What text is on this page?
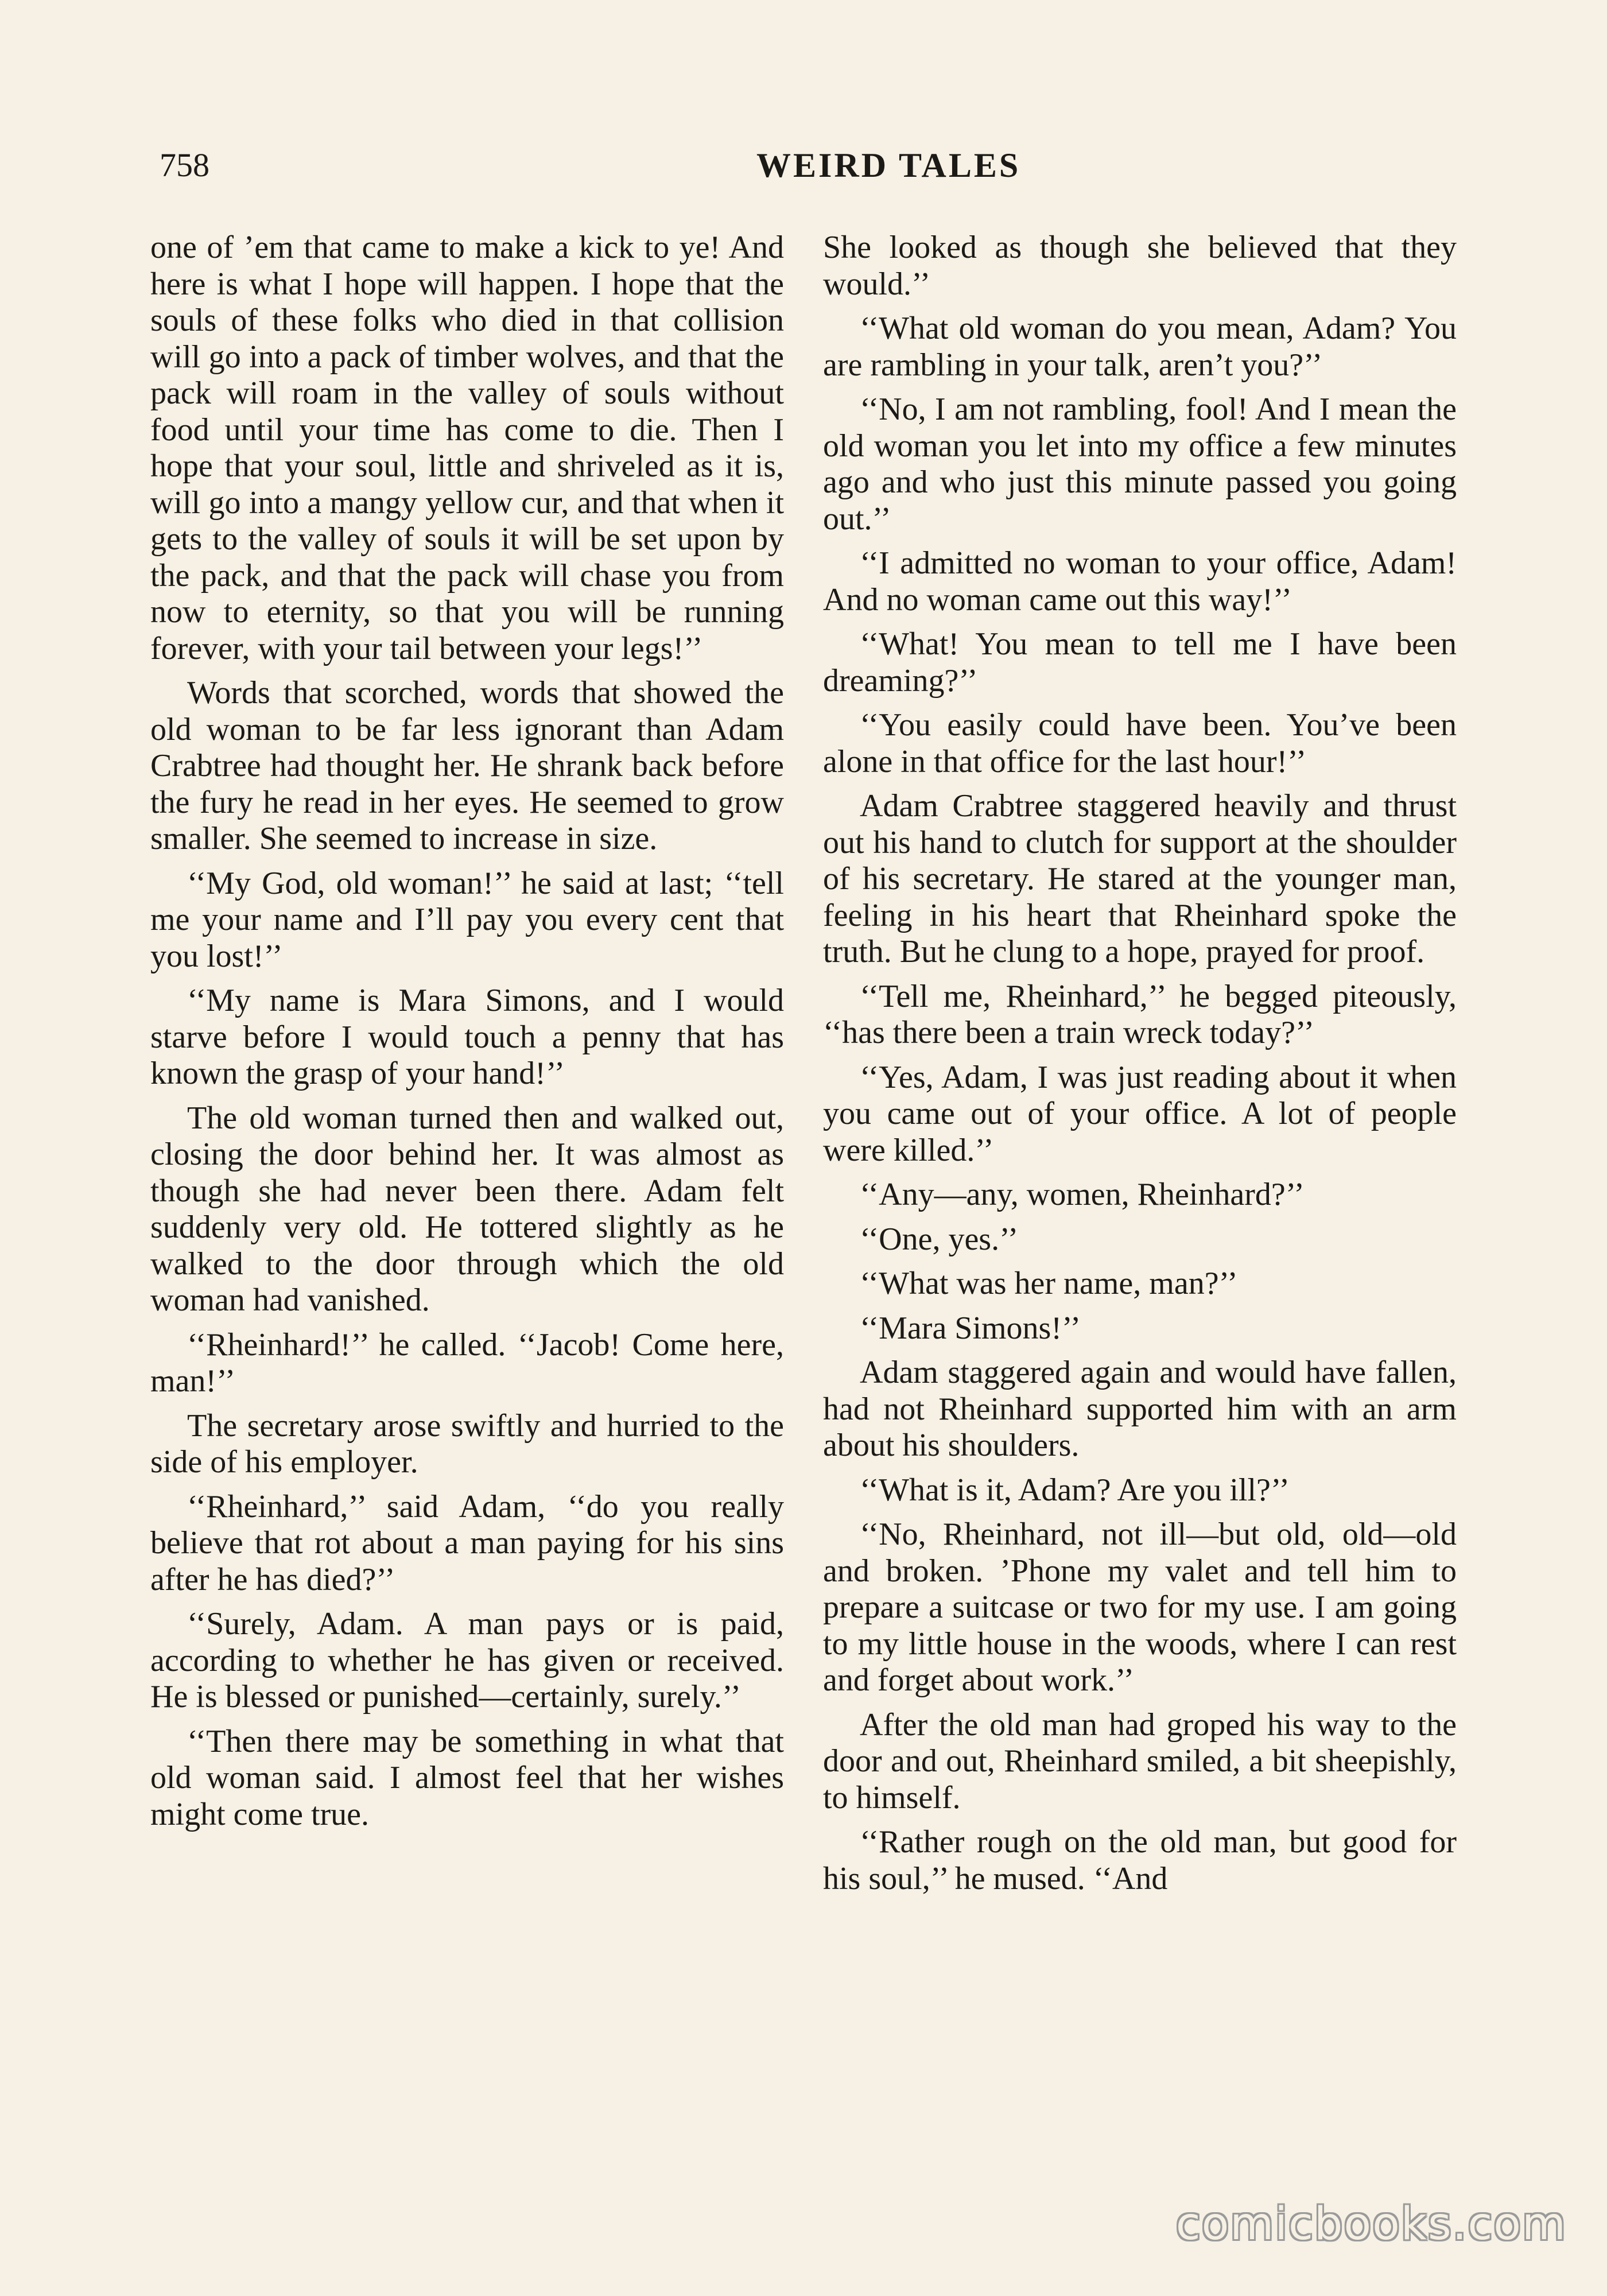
758	WEIRD TALES

one of ’em that came to make a kick to ye! And here is what I hope will happen. I hope that the souls of these folks who died in that collision will go into a pack of timber wolves, and that the pack will roam in the valley of souls without food until your time has come to die. Then I hope that your soul, little and shriveled as it is, will go into a mangy yellow cur, and that when it gets to the valley of souls it will be set upon by the pack, and that the pack will chase you from now to eternity, so that you will be running forever, with your tail between your legs!’’

Words that scorched, words that showed the old woman to be far less ignorant than Adam Crabtree had thought her. He shrank back before the fury he read in her eyes. He seemed to grow smaller. She seemed to increase in size.

‘‘My God, old woman!’’ he said at last; ‘‘tell me your name and I’ll pay you every cent that you lost!’’

‘‘My name is Mara Simons, and I would starve before I would touch a penny that has known the grasp of your hand!’’

The old woman turned then and walked out, closing the door behind her. It was almost as though she had never been there. Adam felt suddenly very old. He tottered slightly as he walked to the door through which the old woman had vanished.

‘‘Rheinhard!’’ he called. ‘‘Jacob! Come here, man!’’

The secretary arose swiftly and hurried to the side of his employer.

‘‘Rheinhard,’’ said Adam, ‘‘do you really believe that rot about a man paying for his sins after he has died?’’

‘‘Surely, Adam. A man pays or is paid, according to whether he has given or received. He is blessed or punished—certainly, surely.’’

‘‘Then there may be something in what that old woman said. I almost feel that her wishes might come true.

She looked as though she believed that they would.’’

‘‘What old woman do you mean, Adam? You are rambling in your talk, aren’t you?’’

‘‘No, I am not rambling, fool! And I mean the old woman you let into my office a few minutes ago and who just this minute passed you going out.’’

‘‘I admitted no woman to your office, Adam! And no woman came out this way!’’

‘‘What! You mean to tell me I have been dreaming?’’

‘‘You easily could have been. You’ve been alone in that office for the last hour!’’

Adam Crabtree staggered heavily and thrust out his hand to clutch for support at the shoulder of his secretary. He stared at the younger man, feeling in his heart that Rheinhard spoke the truth. But he clung to a hope, prayed for proof.

‘‘Tell me, Rheinhard,’’ he begged piteously, ‘‘has there been a train wreck today?’’

‘‘Yes, Adam, I was just reading about it when you came out of your office. A lot of people were killed.’’

‘‘Any—any, women, Rheinhard?’’

‘‘One, yes.’’

‘‘What was her name, man?’’

‘‘Mara Simons!’’

Adam staggered again and would have fallen, had not Rheinhard supported him with an arm about his shoulders.

‘‘What is it, Adam? Are you ill?’’

‘‘No, Rheinhard, not ill—but old, old—old and broken. ’Phone my valet and tell him to prepare a suitcase or two for my use. I am going to my little house in the woods, where I can rest and forget about work.’’

After the old man had groped his way to the door and out, Rheinhard smiled, a bit sheepishly, to himself.

‘‘Rather rough on the old man, but good for his soul,’’ he mused. ‘‘And

comicbooks.com
